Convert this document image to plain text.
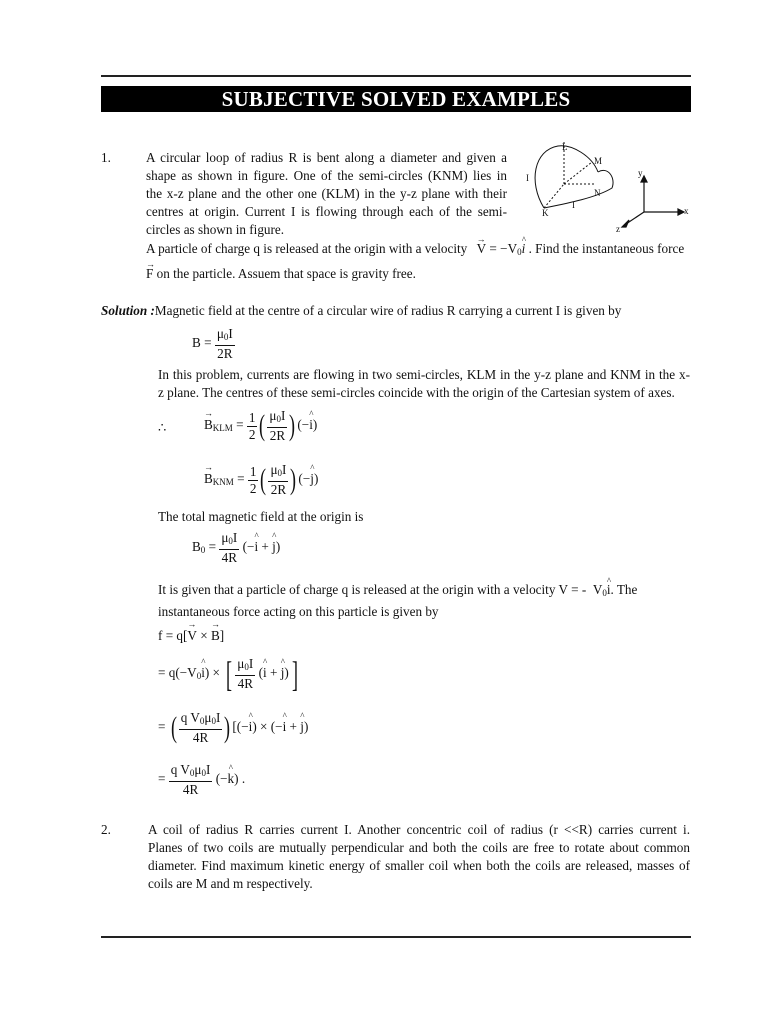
SUBJECTIVE SOLVED EXAMPLES
1.	A circular loop of radius R is bent along a diameter and given a
shape as shown in figure. One of the semi-circles (KNM) lies in
the x-z plane and the other one (KLM) in the y-z plane with their
centres at origin. Current I is flowing through each of the semi-
circles as shown in figure.
A particle of charge q is released at the origin with a velocity → $V = -V_0\^{}$ i . Find the instantaneous force
→ F on the particle. Assuem that space is gravity free.
L
M
N
K
I
I
y
x
z
Solution :Magnetic field at the centre of a circular wire of radius R carrying a current I is given by
$B = \frac{\mu_0I}{2R}$
In this problem, currents are flowing in two semi-circles, KLM in the y-z plane and KNM in the x-
z plane. The centres of these semi-circles coincide with the origin of the Cartesian system of axes.
∴	→ $B_{KLM} = \frac{1}{2}$ ( $\frac{\mu_0I}{2R}$ ) (−^ i)
→ $B_{KNM} = \frac{1}{2}$ ( $\frac{\mu_0I}{2R}$ ) (−^ j)
The total magnetic field at the origin is
$B_0 = \frac{\mu_0I}{4R}$ (−^ i + ^ j)
It is given that a particle of charge q is released at the origin with a velocity V = -  $V_0\^{}$ i. The
instantaneous force acting on this particle is given by
f = q[→ V × → B]
= $q(-V_0\^{}$ i) × [ $\frac{\mu_0I}{4R}$ (^ i + ^ j)]
= ( $\frac{q V_0\mu_0I}{4R}$ ) [(−^ i) × (−^ i + ^ j)
= $\frac{q V_0\mu_0I}{4R}$ (−^ k) .
2.	A coil of radius R carries current I. Another concentric coil of radius (r <<R) carries current i.
Planes of two coils are mutually perpendicular and both the coils are free to rotate about common
diameter. Find maximum kinetic energy of smaller coil when both the coils are released, masses of
coils are M and m respectively.
